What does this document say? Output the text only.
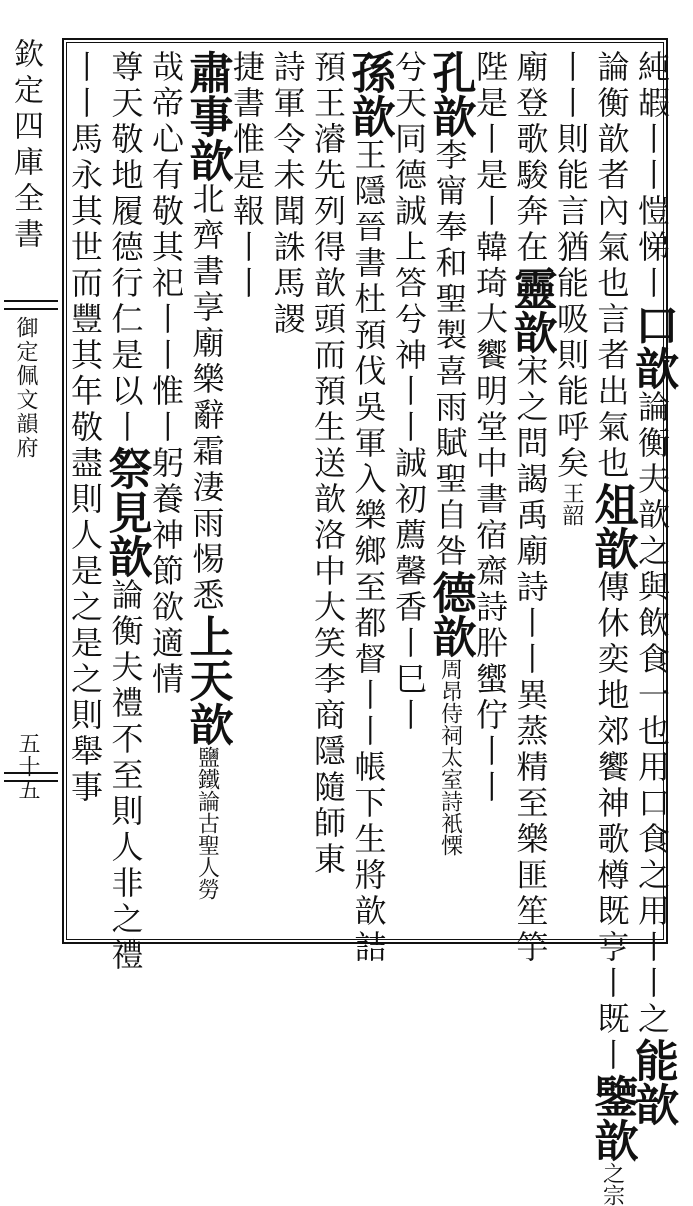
欽定四庫全書
御定佩文韻府
五十五
純嘏丨丨愷悌丨口歆論衡夫歆之與飲食一也用口食之用丨丨之能歆
論衡歆者內氣也言者出氣也俎歆傳休奕地郊饗神歌樽既亨丨既丨鑒歆之宗
丨丨則能言猶能吸則能呼矣王韶
廟登歌駿奔在靈歆宋之問謁禹廟詩丨丨異蒸精至樂匪笙竽
陛是丨是丨韓琦大饗明堂中書宿齋詩肸蠁佇丨丨
孔歆李甯奉和聖製喜雨賦聖自咎德歆周昂侍祠太室詩衹慄
兮天同德誠上答兮神丨丨誠初薦馨香丨巳丨
孫歆王隱晉書杜預伐吳軍入樂鄉至都督丨丨帳下生將歆詰
預王濬先列得歆頭而預生送歆洛中大笑李商隱隨師東
詩軍令未聞誅馬謖
捷書惟是報丨丨
肅事歆北齊書享廟樂辭霜淒雨惕悉上天歆鹽鐵論古聖人勞
哉帝心有敬其祀丨丨惟丨躬養神節欲適情
尊天敬地履德行仁是以丨祭見歆論衡夫禮不至則人非之禮
丨丨馬永其世而豐其年敬盡則人是之是之則舉事
